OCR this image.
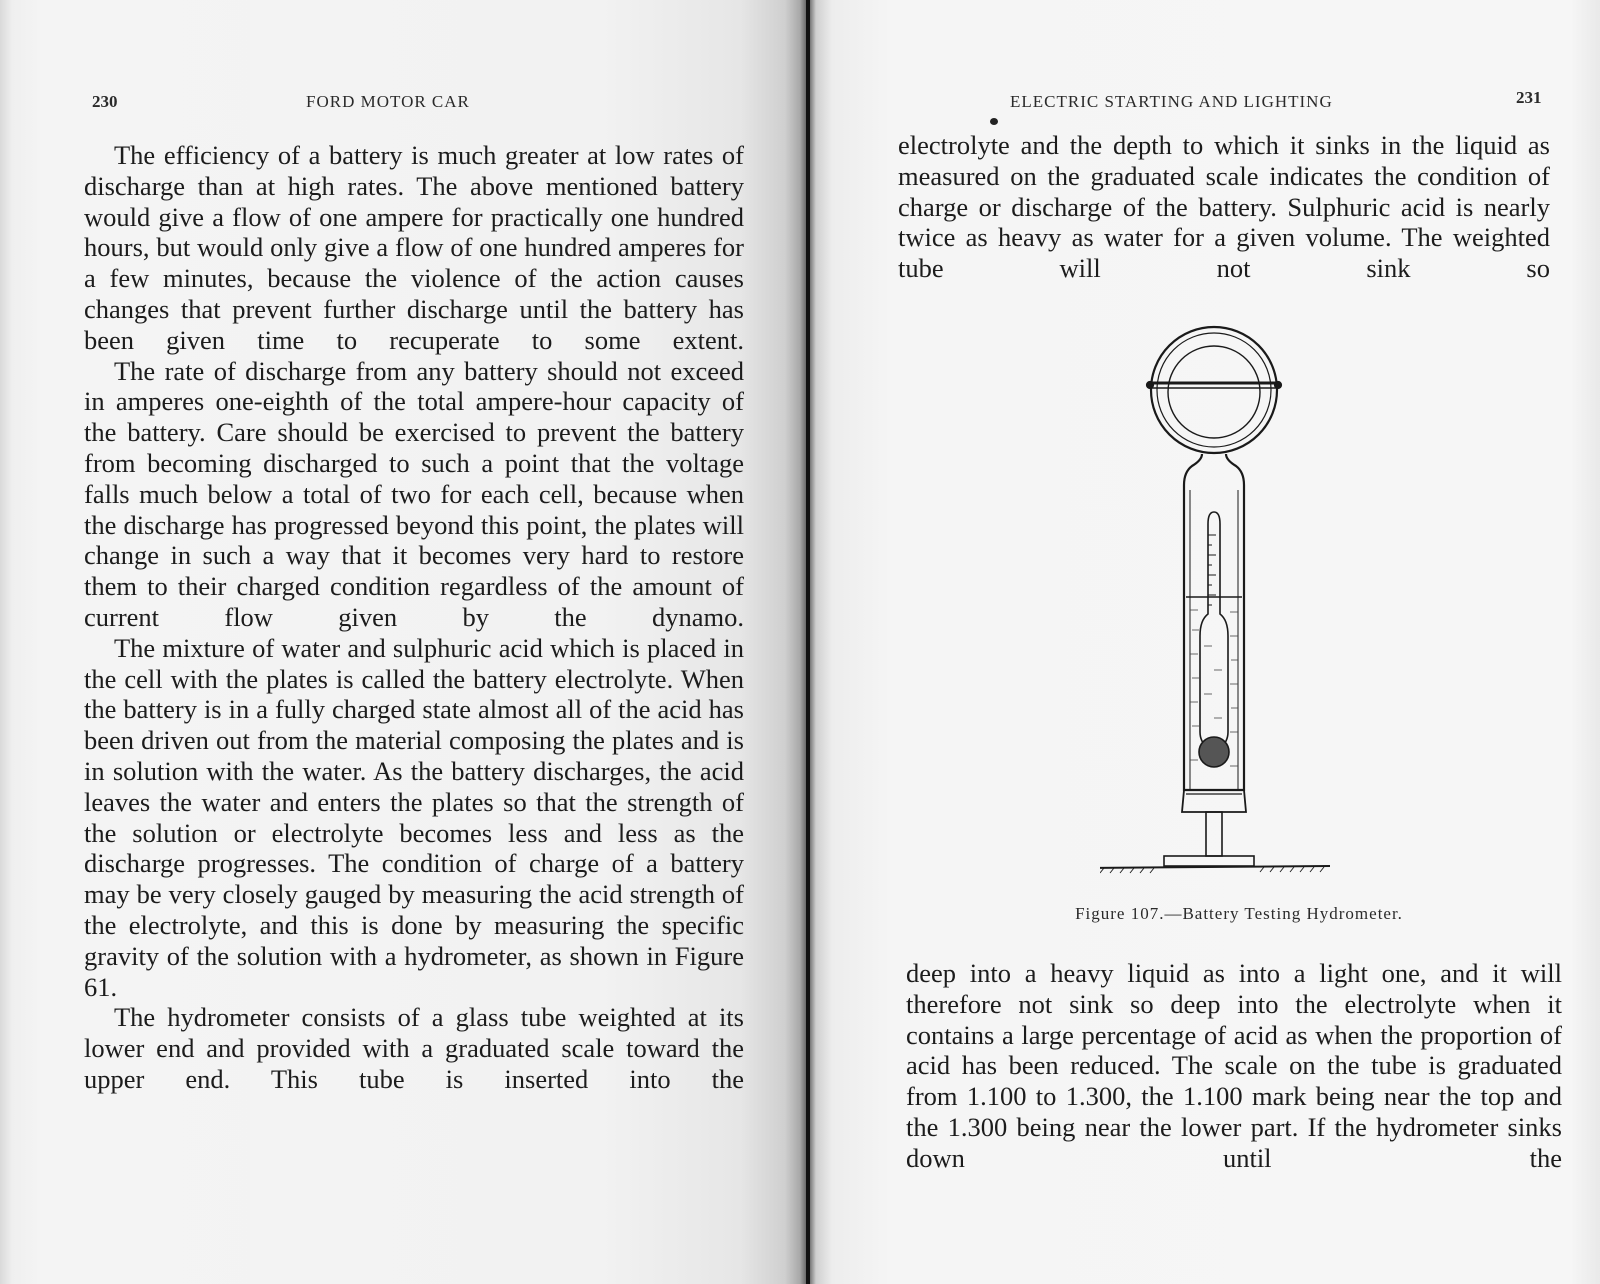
230	FORD MOTOR CAR

The efficiency of a battery is much greater at low rates of discharge than at high rates. The above mentioned battery would give a flow of one ampere for practically one hundred hours, but would only give a flow of one hundred amperes for a few minutes, because the violence of the action causes changes that prevent further discharge until the battery has been given time to recuperate to some extent.

The rate of discharge from any battery should not exceed in amperes one-eighth of the total ampere-hour capacity of the battery. Care should be exercised to prevent the battery from becoming discharged to such a point that the voltage falls much below a total of two for each cell, because when the discharge has progressed beyond this point, the plates will change in such a way that it becomes very hard to restore them to their charged condition regardless of the amount of current flow given by the dynamo.

The mixture of water and sulphuric acid which is placed in the cell with the plates is called the battery electrolyte. When the battery is in a fully charged state almost all of the acid has been driven out from the material composing the plates and is in solution with the water. As the battery discharges, the acid leaves the water and enters the plates so that the strength of the solution or electrolyte becomes less and less as the discharge progresses. The condition of charge of a battery may be very closely gauged by measuring the acid strength of the electrolyte, and this is done by measuring the specific gravity of the solution with a hydrometer, as shown in Figure 61.

The hydrometer consists of a glass tube weighted at its lower end and provided with a graduated scale toward the upper end. This tube is inserted into the

ELECTRIC STARTING AND LIGHTING	231

electrolyte and the depth to which it sinks in the liquid as measured on the graduated scale indicates the condition of charge or discharge of the battery. Sulphuric acid is nearly twice as heavy as water for a given volume. The weighted tube will not sink so

Figure 107.—Battery Testing Hydrometer.

deep into a heavy liquid as into a light one, and it will therefore not sink so deep into the electrolyte when it contains a large percentage of acid as when the proportion of acid has been reduced. The scale on the tube is graduated from 1.100 to 1.300, the 1.100 mark being near the top and the 1.300 being near the lower part. If the hydrometer sinks down until the
